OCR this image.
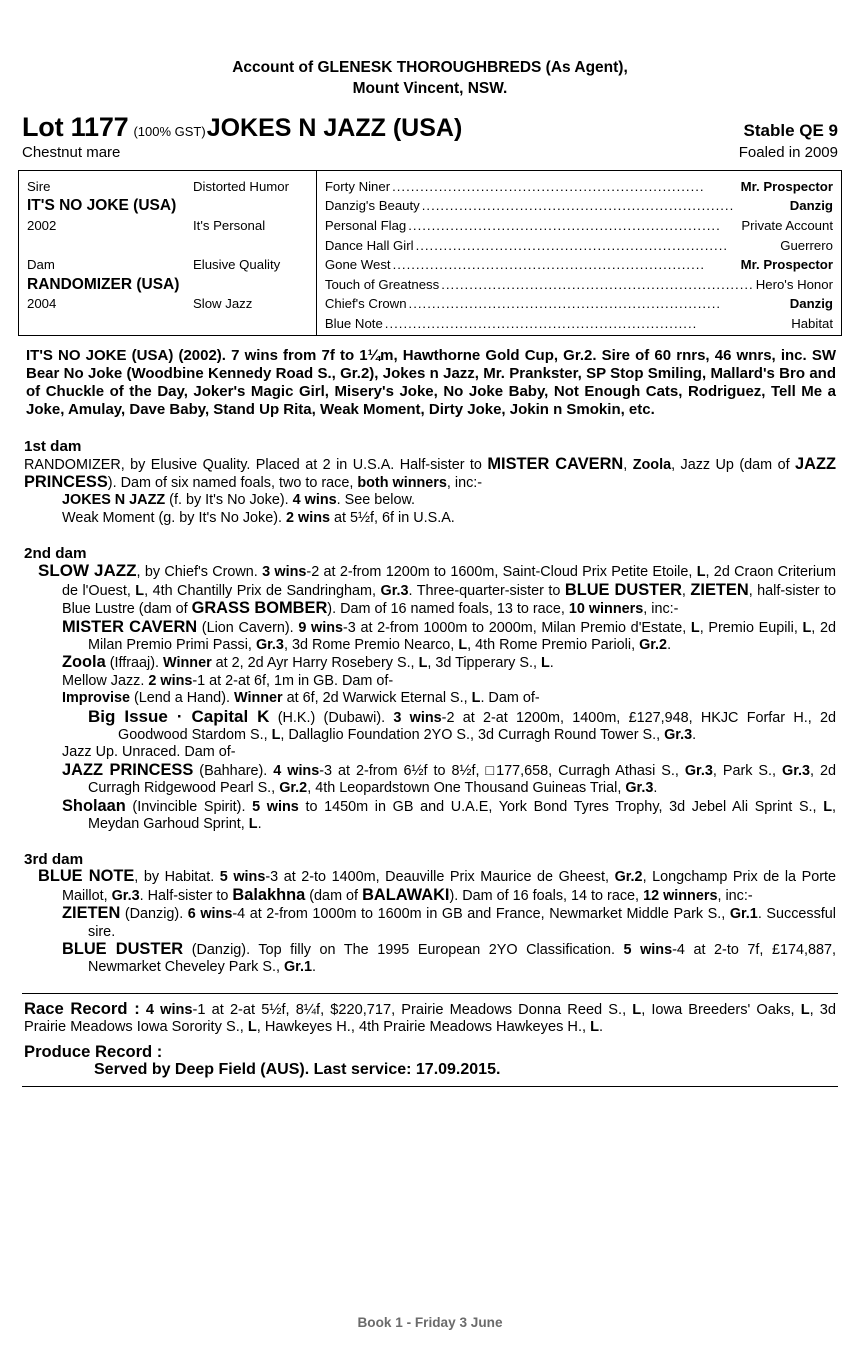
Account of GLENESK THOROUGHBREDS (As Agent),
Mount Vincent, NSW.
Lot 1177 (100% GST) JOKES N JAZZ (USA)	Stable QE 9
Chestnut mare	Foaled in 2009
Sire	Distorted Humor
IT'S NO JOKE (USA)
2002	It's Personal
Dam	Elusive Quality
RANDOMIZER (USA)
2004	Slow Jazz
Forty Niner ...................................................................	Mr. Prospector
Danzig's Beauty ...................................................................	Danzig
Personal Flag ...................................................................	Private Account
Dance Hall Girl ...................................................................	Guerrero
Gone West ...................................................................	Mr. Prospector
Touch of Greatness ................................................................... Hero's Honor
Chief's Crown ...................................................................	Danzig
Blue Note ...................................................................	Habitat
IT'S NO JOKE (USA) (2002). 7 wins from 7f to 1¼m, Hawthorne Gold Cup, Gr.2. Sire of 60 rnrs, 46 wnrs, inc. SW Bear No Joke (Woodbine Kennedy Road S., Gr.2), Jokes n Jazz, Mr. Prankster, SP Stop Smiling, Mallard's Bro and of Chuckle of the Day, Joker's Magic Girl, Misery's Joke, No Joke Baby, Not Enough Cats, Rodriguez, Tell Me a Joke, Amulay, Dave Baby, Stand Up Rita, Weak Moment, Dirty Joke, Jokin n Smokin, etc.
1st dam
RANDOMIZER, by Elusive Quality. Placed at 2 in U.S.A. Half-sister to MISTER CAVERN, Zoola, Jazz Up (dam of JAZZ PRINCESS). Dam of six named foals, two to race, both winners, inc:-
JOKES N JAZZ (f. by It's No Joke). 4 wins. See below.
Weak Moment (g. by It's No Joke). 2 wins at 5½f, 6f in U.S.A.
2nd dam
SLOW JAZZ, by Chief's Crown. 3 wins-2 at 2-from 1200m to 1600m, Saint-Cloud Prix Petite Etoile, L, 2d Craon Criterium de l'Ouest, L, 4th Chantilly Prix de Sandringham, Gr.3. Three-quarter-sister to BLUE DUSTER, ZIETEN, half-sister to Blue Lustre (dam of GRASS BOMBER). Dam of 16 named foals, 13 to race, 10 winners, inc:-
MISTER CAVERN (Lion Cavern). 9 wins-3 at 2-from 1000m to 2000m, Milan Premio d'Estate, L, Premio Eupili, L, 2d Milan Premio Primi Passi, Gr.3, 3d Rome Premio Nearco, L, 4th Rome Premio Parioli, Gr.2.
Zoola (Iffraaj). Winner at 2, 2d Ayr Harry Rosebery S., L, 3d Tipperary S., L.
Mellow Jazz. 2 wins-1 at 2-at 6f, 1m in GB. Dam of-
Improvise (Lend a Hand). Winner at 6f, 2d Warwick Eternal S., L. Dam of-
Big Issue · Capital K (H.K.) (Dubawi). 3 wins-2 at 2-at 1200m, 1400m, £127,948, HKJC Forfar H., 2d Goodwood Stardom S., L, Dallaglio Foundation 2YO S., 3d Curragh Round Tower S., Gr.3.
Jazz Up. Unraced. Dam of-
JAZZ PRINCESS (Bahhare). 4 wins-3 at 2-from 6½f to 8½f, □177,658, Curragh Athasi S., Gr.3, Park S., Gr.3, 2d Curragh Ridgewood Pearl S., Gr.2, 4th Leopardstown One Thousand Guineas Trial, Gr.3.
Sholaan (Invincible Spirit). 5 wins to 1450m in GB and U.A.E, York Bond Tyres Trophy, 3d Jebel Ali Sprint S., L, Meydan Garhoud Sprint, L.
3rd dam
BLUE NOTE, by Habitat. 5 wins-3 at 2-to 1400m, Deauville Prix Maurice de Gheest, Gr.2, Longchamp Prix de la Porte Maillot, Gr.3. Half-sister to Balakhna (dam of BALAWAKI). Dam of 16 foals, 14 to race, 12 winners, inc:-
ZIETEN (Danzig). 6 wins-4 at 2-from 1000m to 1600m in GB and France, Newmarket Middle Park S., Gr.1. Successful sire.
BLUE DUSTER (Danzig). Top filly on The 1995 European 2YO Classification. 5 wins-4 at 2-to 7f, £174,887, Newmarket Cheveley Park S., Gr.1.
Race Record : 4 wins-1 at 2-at 5½f, 8¼f, $220,717, Prairie Meadows Donna Reed S., L, Iowa Breeders' Oaks, L, 3d Prairie Meadows Iowa Sorority S., L, Hawkeyes H., 4th Prairie Meadows Hawkeyes H., L.
Produce Record :
Served by Deep Field (AUS). Last service: 17.09.2015.
Book 1 - Friday 3 June
